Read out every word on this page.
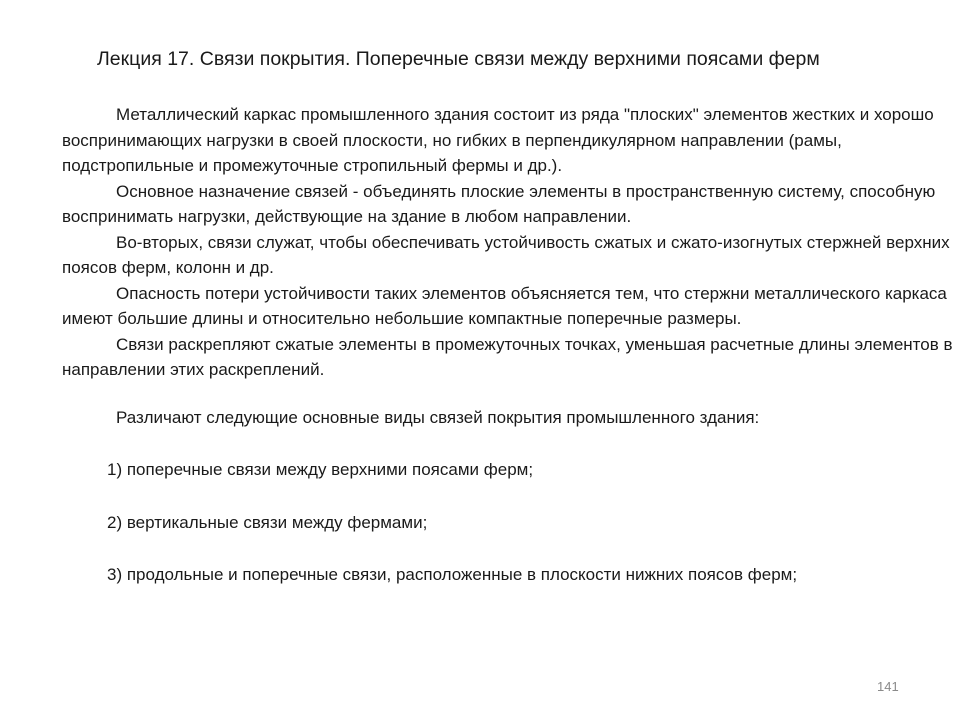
Лекция 17. Связи покрытия. Поперечные связи между верхними поясами ферм

Металлический каркас промышленного здания состоит из ряда "плоских" элементов жестких и хорошо воспринимающих нагрузки в своей плоскости, но гибких в перпендикулярном направлении (рамы, подстропильные и промежуточные стропильный фермы и др.).

Основное назначение связей - объединять плоские элементы в пространственную систему, способную воспринимать нагрузки, действующие на здание в любом направлении.

Во-вторых, связи служат, чтобы обеспечивать устойчивость сжатых и сжато-изогнутых стержней верхних поясов ферм, колонн и др.

Опасность потери устойчивости таких элементов объясняется тем, что стержни металлического каркаса имеют большие длины и относительно небольшие компактные поперечные размеры.

Связи раскрепляют сжатые элементы в промежуточных точках, уменьшая расчетные длины элементов в направлении этих раскреплений.

Различают следующие основные виды связей покрытия промышленного здания:

1) поперечные связи между верхними поясами ферм;

2) вертикальные связи между фермами;

3) продольные и поперечные связи, расположенные в плоскости нижних поясов ферм;

141
